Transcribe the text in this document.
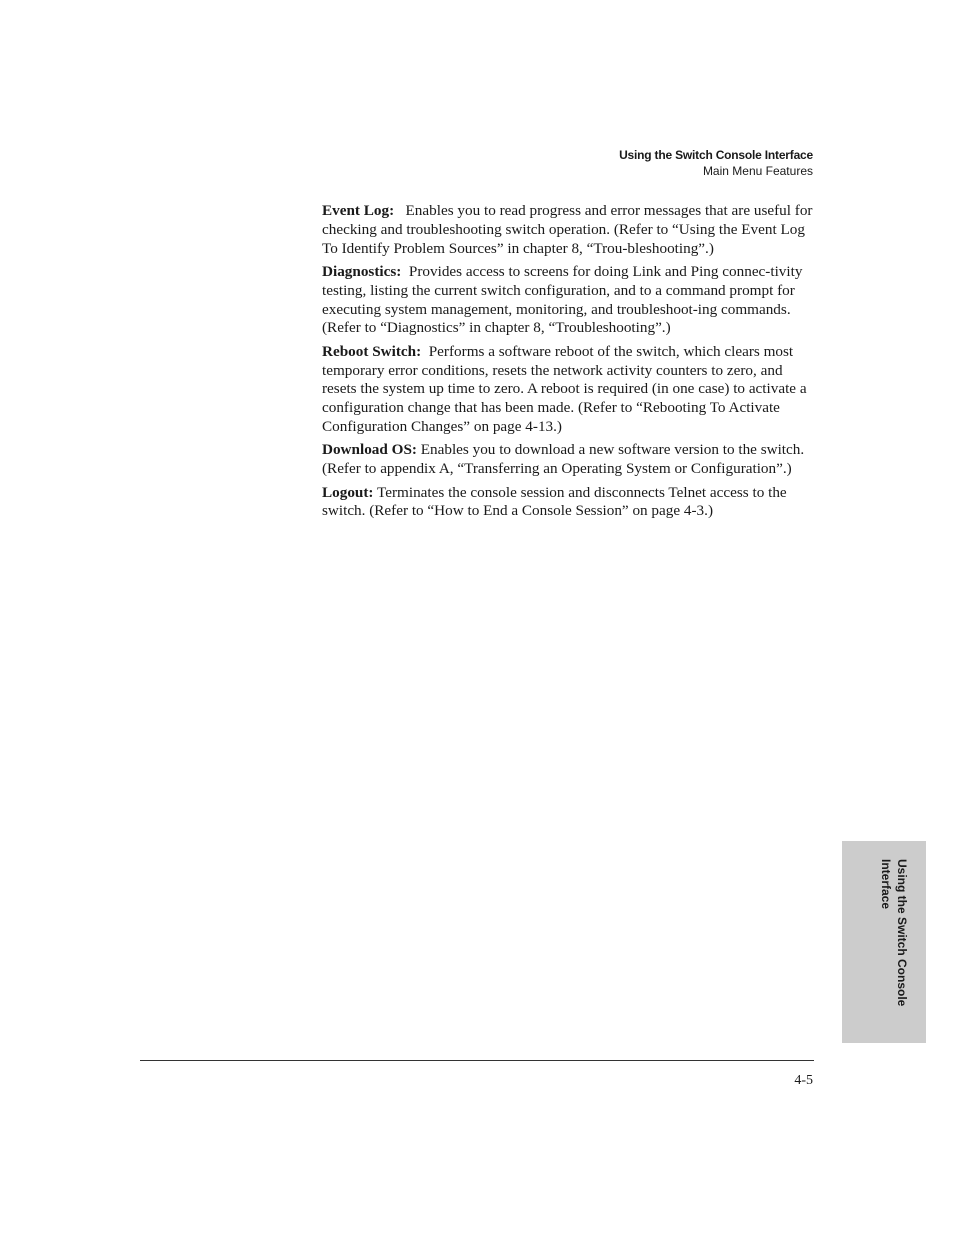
Using the Switch Console Interface
Main Menu Features

Event Log: Enables you to read progress and error messages that are useful for checking and troubleshooting switch operation. (Refer to “Using the Event Log To Identify Problem Sources” in chapter 8, “Trou-bleshooting”.)

Diagnostics: Provides access to screens for doing Link and Ping connec-tivity testing, listing the current switch configuration, and to a command prompt for executing system management, monitoring, and troubleshoot-ing commands. (Refer to “Diagnostics” in chapter 8, “Troubleshooting”.)

Reboot Switch: Performs a software reboot of the switch, which clears most temporary error conditions, resets the network activity counters to zero, and resets the system up time to zero. A reboot is required (in one case) to activate a configuration change that has been made. (Refer to “Rebooting To Activate Configuration Changes” on page 4-13.)

Download OS: Enables you to download a new software version to the switch. (Refer to appendix A, “Transferring an Operating System or Configuration”.)

Logout: Terminates the console session and disconnects Telnet access to the switch. (Refer to “How to End a Console Session” on page 4-3.)

Using the Switch Console Interface
4-5
